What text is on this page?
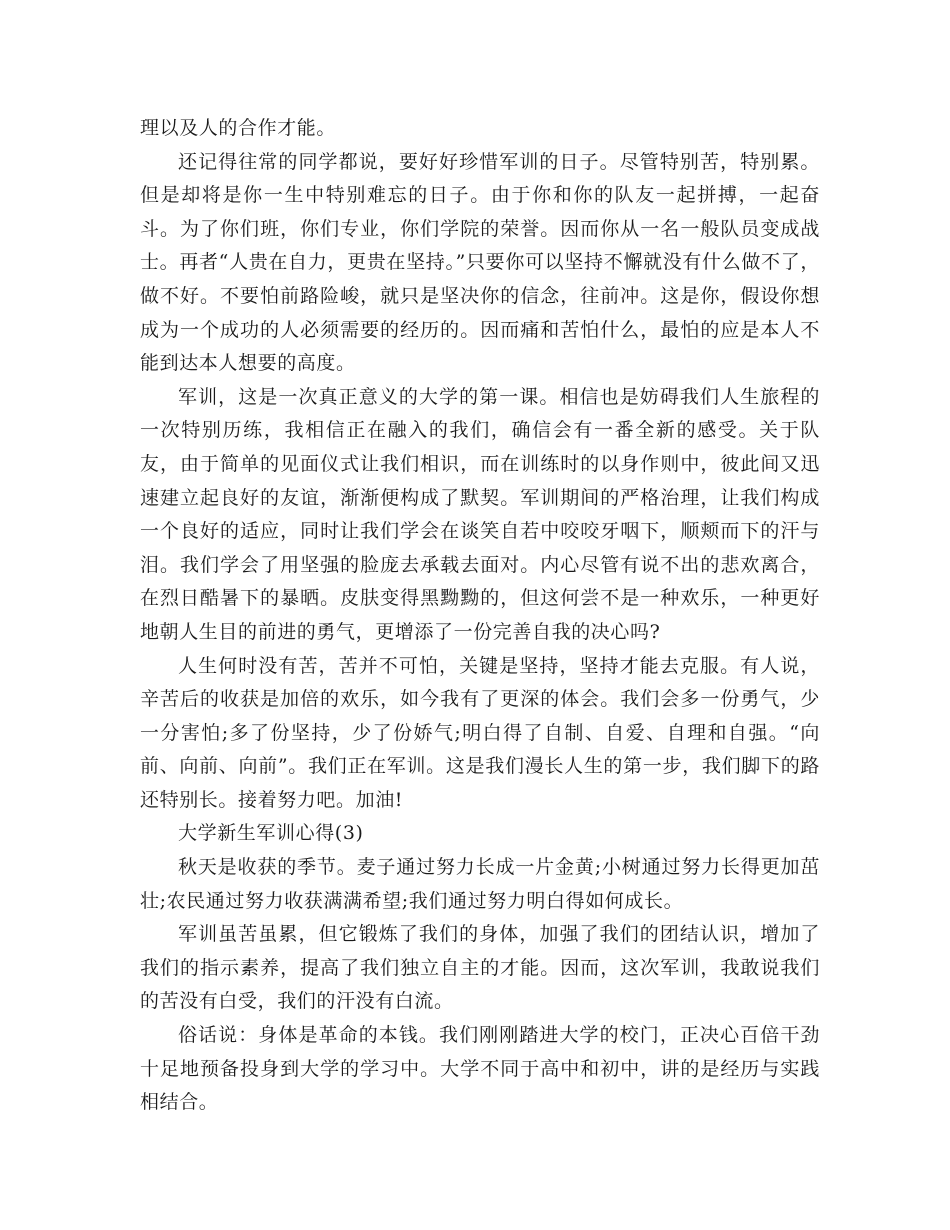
理以及人的合作才能。

还记得往常的同学都说，要好好珍惜军训的日子。尽管特别苦，特别累。但是却将是你一生中特别难忘的日子。由于你和你的队友一起拼搏，一起奋斗。为了你们班，你们专业，你们学院的荣誉。因而你从一名一般队员变成战士。再者“人贵在自力，更贵在坚持。”只要你可以坚持不懈就没有什么做不了，做不好。不要怕前路险峻，就只是坚决你的信念，往前冲。这是你，假设你想成为一个成功的人必须需要的经历的。因而痛和苦怕什么，最怕的应是本人不能到达本人想要的高度。

军训，这是一次真正意义的大学的第一课。相信也是妨碍我们人生旅程的一次特别历练，我相信正在融入的我们，确信会有一番全新的感受。关于队友，由于简单的见面仪式让我们相识，而在训练时的以身作则中，彼此间又迅速建立起良好的友谊，渐渐便构成了默契。军训期间的严格治理，让我们构成一个良好的适应，同时让我们学会在谈笑自若中咬咬牙咽下，顺颊而下的汗与泪。我们学会了用坚强的脸庞去承载去面对。内心尽管有说不出的悲欢离合，在烈日酷暑下的暴晒。皮肤变得黑黝黝的，但这何尝不是一种欢乐，一种更好地朝人生目的前进的勇气，更增添了一份完善自我的决心吗?

人生何时没有苦，苦并不可怕，关键是坚持，坚持才能去克服。有人说，辛苦后的收获是加倍的欢乐，如今我有了更深的体会。我们会多一份勇气，少一分害怕;多了份坚持，少了份娇气;明白得了自制、自爱、自理和自强。“向前、向前、向前”。我们正在军训。这是我们漫长人生的第一步，我们脚下的路还特别长。接着努力吧。加油!

大学新生军训心得(3)

秋天是收获的季节。麦子通过努力长成一片金黄;小树通过努力长得更加茁壮;农民通过努力收获满满希望;我们通过努力明白得如何成长。

军训虽苦虽累，但它锻炼了我们的身体，加强了我们的团结认识，增加了我们的指示素养，提高了我们独立自主的才能。因而，这次军训，我敢说我们的苦没有白受，我们的汗没有白流。

俗话说：身体是革命的本钱。我们刚刚踏进大学的校门，正决心百倍干劲十足地预备投身到大学的学习中。大学不同于高中和初中，讲的是经历与实践相结合。
